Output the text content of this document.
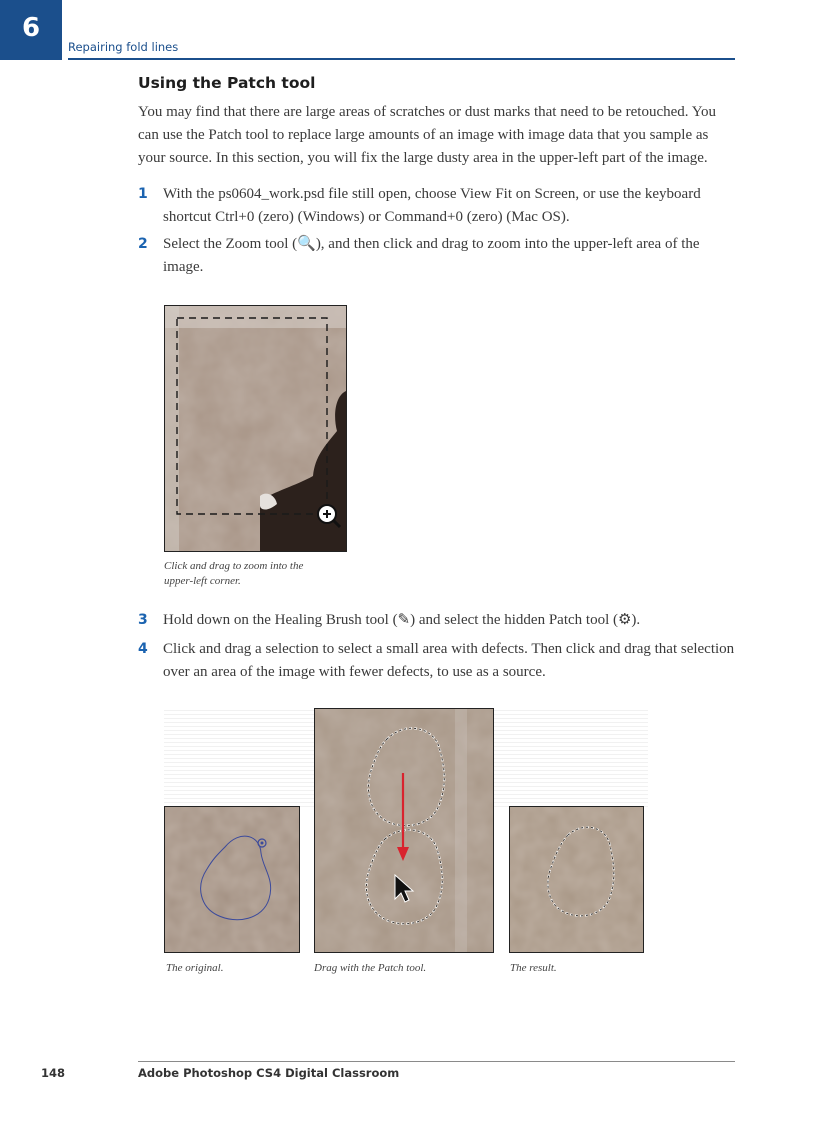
6
Repairing fold lines
Using the Patch tool
You may find that there are large areas of scratches or dust marks that need to be retouched. You can use the Patch tool to replace large amounts of an image with image data that you sample as your source. In this section, you will fix the large dusty area in the upper-left part of the image.
1 With the ps0604_work.psd file still open, choose View Fit on Screen, or use the keyboard shortcut Ctrl+0 (zero) (Windows) or Command+0 (zero) (Mac OS).
2 Select the Zoom tool (🔍), and then click and drag to zoom into the upper-left area of the image.
Click and drag to zoom into the upper-left corner.
3 Hold down on the Healing Brush tool (✎) and select the hidden Patch tool (⚙).
4 Click and drag a selection to select a small area with defects. Then click and drag that selection over an area of the image with fewer defects, to use as a source.
The original.	Drag with the Patch tool.	The result.
148	Adobe Photoshop CS4 Digital Classroom
